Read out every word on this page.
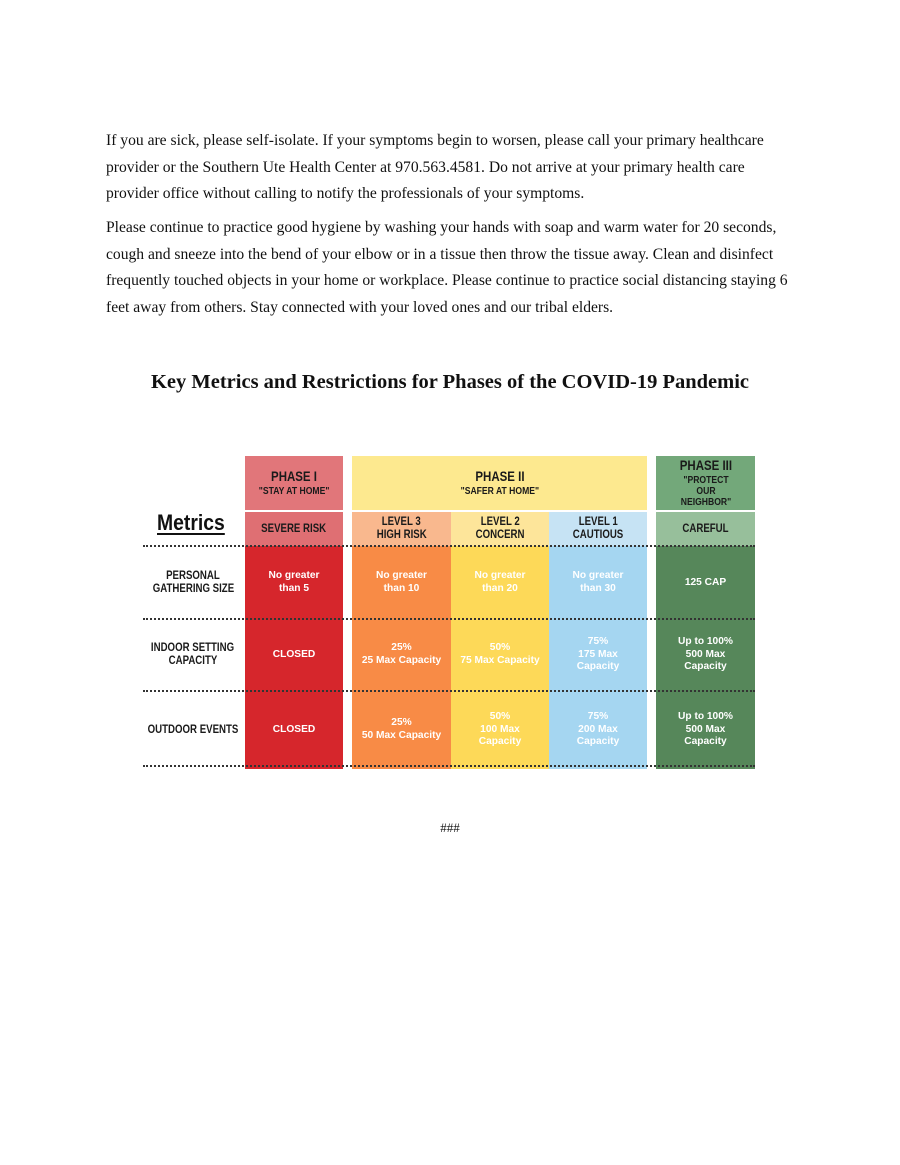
If you are sick, please self-isolate. If your symptoms begin to worsen, please call your primary healthcare provider or the Southern Ute Health Center at 970.563.4581. Do not arrive at your primary health care provider office without calling to notify the professionals of your symptoms.

Please continue to practice good hygiene by washing your hands with soap and warm water for 20 seconds, cough and sneeze into the bend of your elbow or in a tissue then throw the tissue away. Clean and disinfect frequently touched objects in your home or workplace. Please continue to practice social distancing staying 6 feet away from others. Stay connected with your loved ones and our tribal elders.

Key Metrics and Restrictions for Phases of the COVID-19 Pandemic
PHASE I
"STAY AT HOME"
PHASE II
"SAFER AT HOME"
PHASE III
"PROTECT OUR NEIGHBOR"
Metrics	SEVERE RISK
LEVEL 3
HIGH RISK
LEVEL 2
CONCERN
LEVEL 1
CAUTIOUS
CAREFUL
PERSONAL
GATHERING SIZE
INDOOR SETTING
CAPACITY
OUTDOOR EVENTS
No greater
than 5
No greater
than 10
No greater
than 20
No greater
than 30
125 CAP
CLOSED
25%
25 Max Capacity
50%
75 Max Capacity
75%
175 Max
Capacity
Up to 100%
500 Max
Capacity
CLOSED
25%
50 Max Capacity
50%
100 Max
Capacity
75%
200 Max
Capacity
Up to 100%
500 Max
Capacity
###
